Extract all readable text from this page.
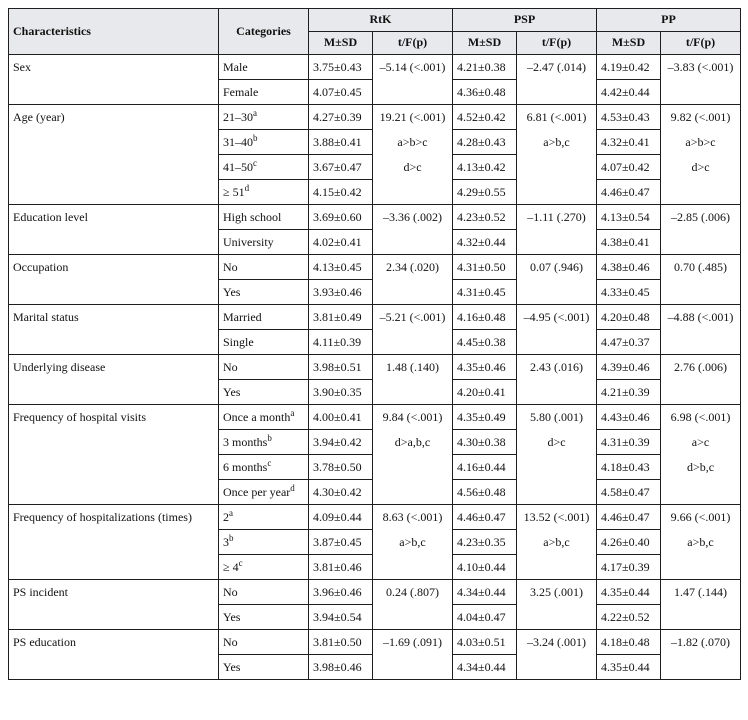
Characteristics	Categories	RtK		PSP		PP	
		M±SD	t/F(p)	M±SD	t/F(p)	M±SD	t/F(p)
Sex	Male	3.75±0.43	–5.14 (<.001)	4.21±0.38	–2.47 (.014)	4.19±0.42	–3.83 (<.001)
	Female	4.07±0.45		4.36±0.48		4.42±0.44	
Age (year)	21–30$^a$	4.27±0.39	19.21 (<.001)	4.52±0.42	6.81 (<.001)	4.53±0.43	9.82 (<.001)
	31–40$^b$	3.88±0.41	a>b>c	4.28±0.43	a>b,c	4.32±0.41	a>b>c
	41–50$^c$	3.67±0.47	d>c	4.13±0.42		4.07±0.42	d>c
	≥ $51^d$	4.15±0.42		4.29±0.55		4.46±0.47	
Education level	High school	3.69±0.60	–3.36 (.002)	4.23±0.52	–1.11 (.270)	4.13±0.54	–2.85 (.006)
	University	4.02±0.41		4.32±0.44		4.38±0.41	
Occupation	No	4.13±0.45	2.34 (.020)	4.31±0.50	0.07 (.946)	4.38±0.46	0.70 (.485)
	Yes	3.93±0.46		4.31±0.45		4.33±0.45	
Marital status	Married	3.81±0.49	–5.21 (<.001)	4.16±0.48	–4.95 (<.001)	4.20±0.48	–4.88 (<.001)
	Single	4.11±0.39		4.45±0.38		4.47±0.37	
Underlying disease	No	3.98±0.51	1.48 (.140)	4.35±0.46	2.43 (.016)	4.39±0.46	2.76 (.006)
	Yes	3.90±0.35		4.20±0.41		4.21±0.39	
Frequency of hospital visits	Once a month$^a$	4.00±0.41	9.84 (<.001)	4.35±0.49	5.80 (.001)	4.43±0.46	6.98 (<.001)
	3 months$^b$	3.94±0.42	d>a,b,c	4.30±0.38	d>c	4.31±0.39	a>c
	6 months$^c$	3.78±0.50		4.16±0.44		4.18±0.43	d>b,c
	Once per year$^d$	4.30±0.42		4.56±0.48		4.58±0.47	
Frequency of hospitalizations (times)	2$^a$	4.09±0.44	8.63 (<.001)	4.46±0.47	13.52 (<.001)	4.46±0.47	9.66 (<.001)
	3$^b$	3.87±0.45	a>b,c	4.23±0.35	a>b,c	4.26±0.40	a>b,c
	≥ $4^c$	3.81±0.46		4.10±0.44		4.17±0.39	
PS incident	No	3.96±0.46	0.24 (.807)	4.34±0.44	3.25 (.001)	4.35±0.44	1.47 (.144)
	Yes	3.94±0.54		4.04±0.47		4.22±0.52	
PS education	No	3.81±0.50	–1.69 (.091)	4.03±0.51	–3.24 (.001)	4.18±0.48	–1.82 (.070)
	Yes	3.98±0.46		4.34±0.44		4.35±0.44	
